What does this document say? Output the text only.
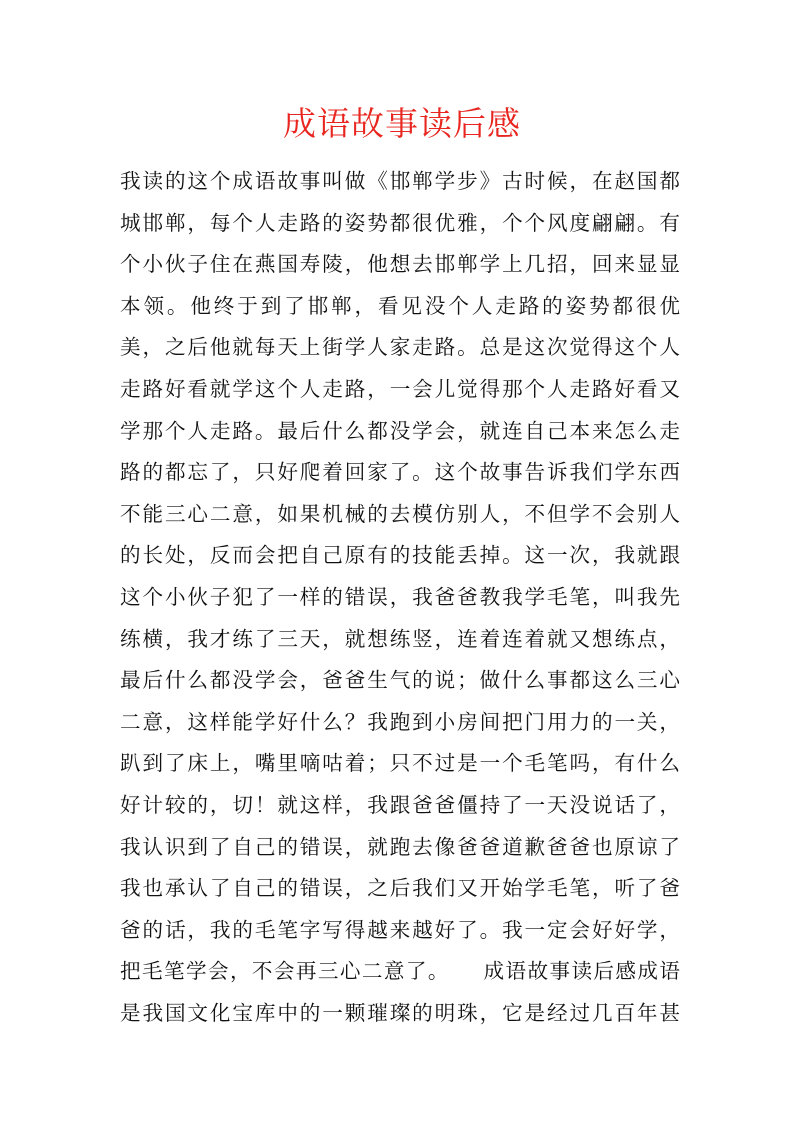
成语故事读后感
我读的这个成语故事叫做《邯郸学步》古时候，在赵国都
城邯郸，每个人走路的姿势都很优雅，个个风度翩翩。有
个小伙子住在燕国寿陵，他想去邯郸学上几招，回来显显
本领。他终于到了邯郸，看见没个人走路的姿势都很优
美，之后他就每天上街学人家走路。总是这次觉得这个人
走路好看就学这个人走路，一会儿觉得那个人走路好看又
学那个人走路。最后什么都没学会，就连自己本来怎么走
路的都忘了，只好爬着回家了。这个故事告诉我们学东西
不能三心二意，如果机械的去模仿别人，不但学不会别人
的长处，反而会把自己原有的技能丢掉。这一次，我就跟
这个小伙子犯了一样的错误，我爸爸教我学毛笔，叫我先
练横，我才练了三天，就想练竖，连着连着就又想练点，
最后什么都没学会，爸爸生气的说；做什么事都这么三心
二意，这样能学好什么？我跑到小房间把门用力的一关，
趴到了床上，嘴里嘀咕着；只不过是一个毛笔吗，有什么
好计较的，切！就这样，我跟爸爸僵持了一天没说话了，
我认识到了自己的错误，就跑去像爸爸道歉爸爸也原谅了
我也承认了自己的错误，之后我们又开始学毛笔，听了爸
爸的话，我的毛笔字写得越来越好了。我一定会好好学，
把毛笔学会，不会再三心二意了。　　成语故事读后感成语
是我国文化宝库中的一颗璀璨的明珠，它是经过几百年甚
